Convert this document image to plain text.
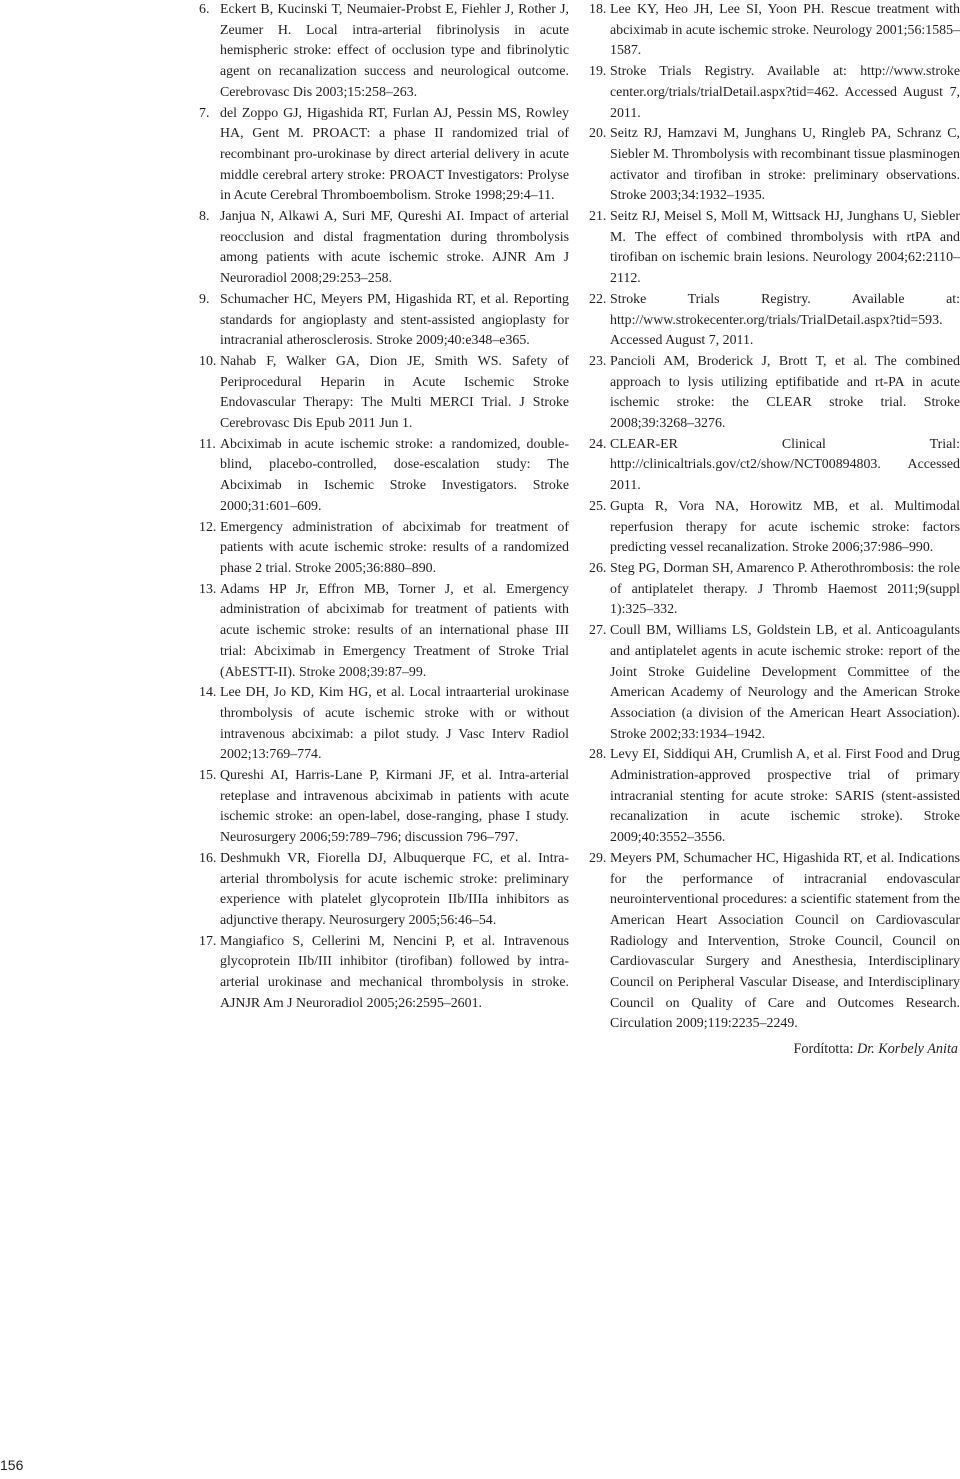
6. Eckert B, Kucinski T, Neumaier-Probst E, Fiehler J, Rother J, Zeumer H. Local intra-arterial fibrinolysis in acute hemispheric stroke: effect of occlusion type and fibrinolytic agent on recanalization success and neurological outcome. Cerebrovasc Dis 2003;15:258–263.
7. del Zoppo GJ, Higashida RT, Furlan AJ, Pessin MS, Rowley HA, Gent M. PROACT: a phase II randomized trial of recombinant pro-urokinase by direct arterial delivery in acute middle cerebral artery stroke: PROACT Investigators: Prolyse in Acute Cerebral Thromboembolism. Stroke 1998;29:4–11.
8. Janjua N, Alkawi A, Suri MF, Qureshi AI. Impact of arterial reocclusion and distal fragmentation during thrombolysis among patients with acute ischemic stroke. AJNR Am J Neuroradiol 2008;29:253–258.
9. Schumacher HC, Meyers PM, Higashida RT, et al. Reporting standards for angioplasty and stent-assisted angioplasty for intracranial atherosclerosis. Stroke 2009;40:e348–e365.
10. Nahab F, Walker GA, Dion JE, Smith WS. Safety of Periprocedural Heparin in Acute Ischemic Stroke Endovascular Therapy: The Multi MERCI Trial. J Stroke Cerebrovasc Dis Epub 2011 Jun 1.
11. Abciximab in acute ischemic stroke: a randomized, double-blind, placebo-controlled, dose-escalation study: The Abciximab in Ischemic Stroke Investigators. Stroke 2000;31:601–609.
12. Emergency administration of abciximab for treatment of patients with acute ischemic stroke: results of a randomized phase 2 trial. Stroke 2005;36:880–890.
13. Adams HP Jr, Effron MB, Torner J, et al. Emergency administration of abciximab for treatment of patients with acute ischemic stroke: results of an international phase III trial: Abciximab in Emergency Treatment of Stroke Trial (AbESTT-II). Stroke 2008;39:87–99.
14. Lee DH, Jo KD, Kim HG, et al. Local intraarterial urokinase thrombolysis of acute ischemic stroke with or without intravenous abciximab: a pilot study. J Vasc Interv Radiol 2002;13:769–774.
15. Qureshi AI, Harris-Lane P, Kirmani JF, et al. Intra-arterial reteplase and intravenous abciximab in patients with acute ischemic stroke: an open-label, dose-ranging, phase I study. Neurosurgery 2006;59:789–796; discussion 796–797.
16. Deshmukh VR, Fiorella DJ, Albuquerque FC, et al. Intra-arterial thrombolysis for acute ischemic stroke: preliminary experience with platelet glycoprotein IIb/IIIa inhibitors as adjunctive therapy. Neurosurgery 2005;56:46–54.
17. Mangiafico S, Cellerini M, Nencini P, et al. Intravenous glycoprotein IIb/III inhibitor (tirofiban) followed by intra-arterial urokinase and mechanical thrombolysis in stroke. AJNJR Am J Neuroradiol 2005;26:2595–2601.
18. Lee KY, Heo JH, Lee SI, Yoon PH. Rescue treatment with abciximab in acute ischemic stroke. Neurology 2001;56:1585–1587.
19. Stroke Trials Registry. Available at: http://www.stroke center.org/trials/trialDetail.aspx?tid=462. Accessed August 7, 2011.
20. Seitz RJ, Hamzavi M, Junghans U, Ringleb PA, Schranz C, Siebler M. Thrombolysis with recombinant tissue plasminogen activator and tirofiban in stroke: preliminary observations. Stroke 2003;34:1932–1935.
21. Seitz RJ, Meisel S, Moll M, Wittsack HJ, Junghans U, Siebler M. The effect of combined thrombolysis with rtPA and tirofiban on ischemic brain lesions. Neurology 2004;62:2110–2112.
22. Stroke Trials Registry. Available at: http://www.strokecenter.org/trials/TrialDetail.aspx?tid=593. Accessed August 7, 2011.
23. Pancioli AM, Broderick J, Brott T, et al. The combined approach to lysis utilizing eptifibatide and rt-PA in acute ischemic stroke: the CLEAR stroke trial. Stroke 2008;39:3268–3276.
24. CLEAR-ER Clinical Trial: http://clinicaltrials.gov/ct2/show/NCT00894803. Accessed 2011.
25. Gupta R, Vora NA, Horowitz MB, et al. Multimodal reperfusion therapy for acute ischemic stroke: factors predicting vessel recanalization. Stroke 2006;37:986–990.
26. Steg PG, Dorman SH, Amarenco P. Atherothrombosis: the role of antiplatelet therapy. J Thromb Haemost 2011;9(suppl 1):325–332.
27. Coull BM, Williams LS, Goldstein LB, et al. Anticoagulants and antiplatelet agents in acute ischemic stroke: report of the Joint Stroke Guideline Development Committee of the American Academy of Neurology and the American Stroke Association (a division of the American Heart Association). Stroke 2002;33:1934–1942.
28. Levy EI, Siddiqui AH, Crumlish A, et al. First Food and Drug Administration-approved prospective trial of primary intracranial stenting for acute stroke: SARIS (stent-assisted recanalization in acute ischemic stroke). Stroke 2009;40:3552–3556.
29. Meyers PM, Schumacher HC, Higashida RT, et al. Indications for the performance of intracranial endovascular neurointerventional procedures: a scientific statement from the American Heart Association Council on Cardiovascular Radiology and Intervention, Stroke Council, Council on Cardiovascular Surgery and Anesthesia, Interdisciplinary Council on Peripheral Vascular Disease, and Interdisciplinary Council on Quality of Care and Outcomes Research. Circulation 2009;119:2235–2249.
Fordította: Dr. Korbely Anita
156
